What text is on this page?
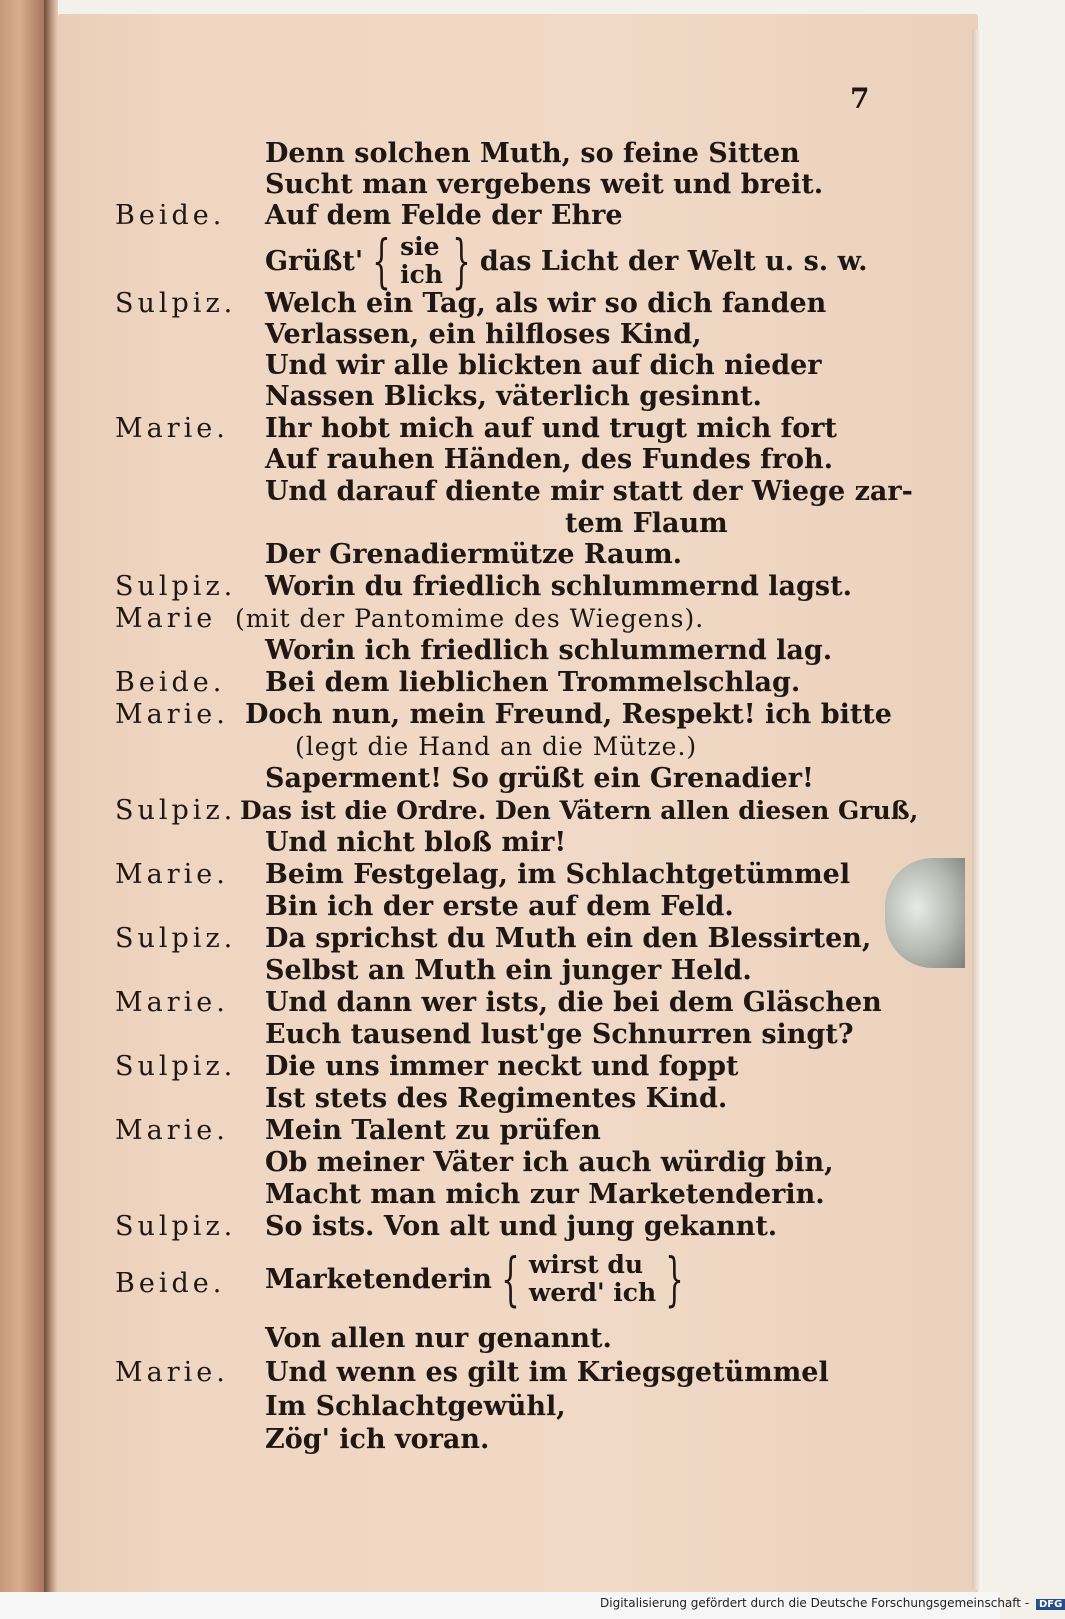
7
Denn solchen Muth, so feine Sitten
Sucht man vergebens weit und breit.
Beide. Auf dem Felde der Ehre
Grüßt' { sie
ich } das Licht der Welt u. s. w.
Sulpiz. Welch ein Tag, als wir so dich fanden
Verlassen, ein hilfloses Kind,
Und wir alle blickten auf dich nieder
Nassen Blicks, väterlich gesinnt.
Marie. Ihr hobt mich auf und trugt mich fort
Auf rauhen Händen, des Fundes froh.
Und darauf diente mir statt der Wiege zar-
tem Flaum
Der Grenadiermütze Raum.
Sulpiz. Worin du friedlich schlummernd lagst.
Marie (mit der Pantomime des Wiegens).
Worin ich friedlich schlummernd lag.
Beide. Bei dem lieblichen Trommelschlag.
Marie. Doch nun, mein Freund, Respekt! ich bitte
(legt die Hand an die Mütze.)
Saperment! So grüßt ein Grenadier!
Sulpiz. Das ist die Ordre. Den Vätern allen diesen Gruß,
Und nicht bloß mir!
Marie. Beim Festgelag, im Schlachtgetümmel
Bin ich der erste auf dem Feld.
Sulpiz. Da sprichst du Muth ein den Blessirten,
Selbst an Muth ein junger Held.
Marie. Und dann wer ists, die bei dem Gläschen
Euch tausend lust'ge Schnurren singt?
Sulpiz. Die uns immer neckt und foppt
Ist stets des Regimentes Kind.
Marie. Mein Talent zu prüfen
Ob meiner Väter ich auch würdig bin,
Macht man mich zur Marketenderin.
Sulpiz. So ists. Von alt und jung gekannt.
Beide. Marketenderin { wirst du
werd' ich }
Von allen nur genannt.
Marie. Und wenn es gilt im Kriegsgetümmel
Im Schlachtgewühl,
Zög' ich voran.
Digitalisierung gefördert durch die Deutsche Forschungsgemeinschaft - DFG
